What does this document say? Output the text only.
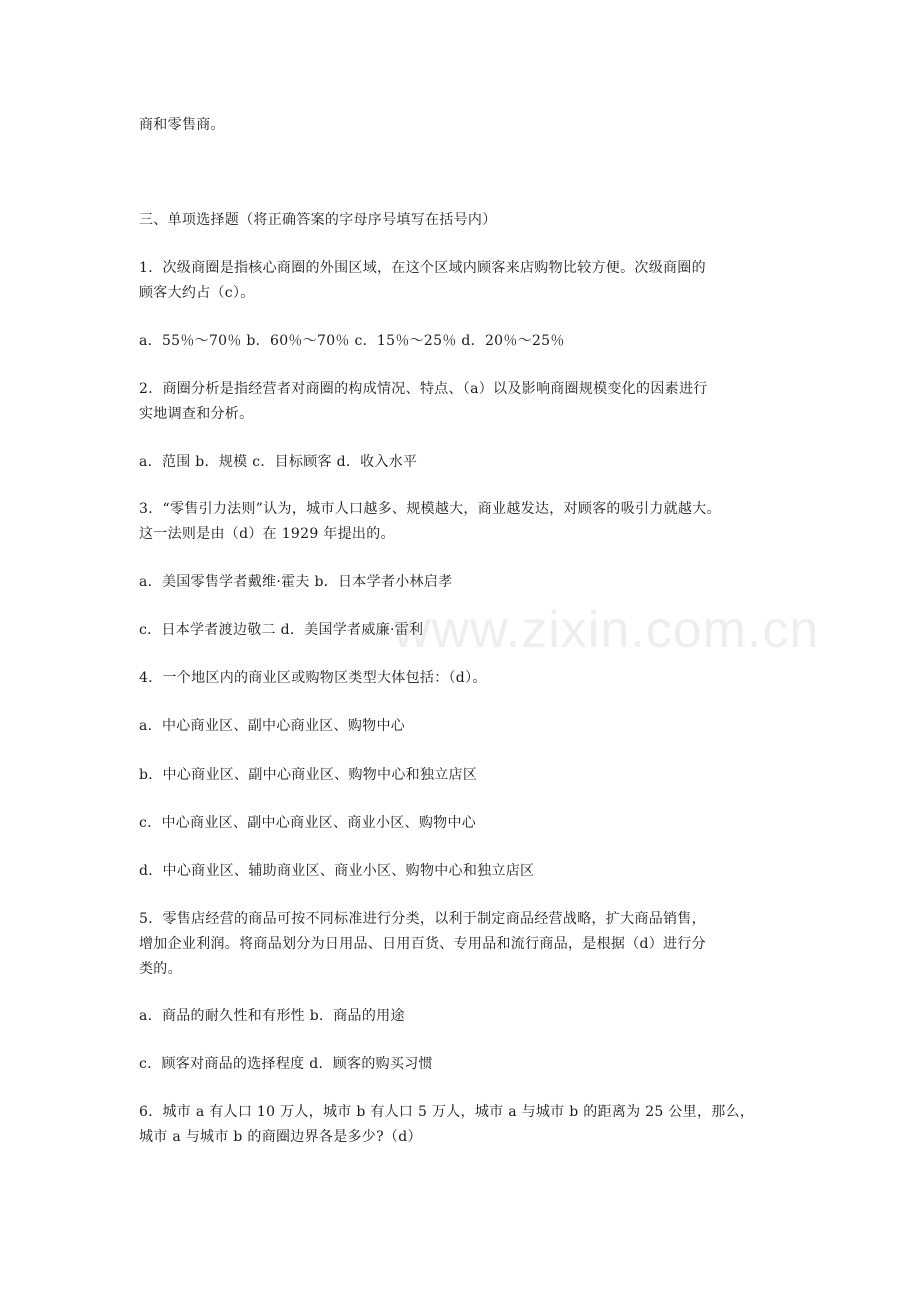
www.zixin.com.cn
商和零售商。
三、单项选择题（将正确答案的字母序号填写在括号内）
1．次级商圈是指核心商圈的外围区域，在这个区域内顾客来店购物比较方便。次级商圈的
顾客大约占（c）。
a．55％～70％ b．60％～70％ c．15％～25％ d．20％～25％
2．商圈分析是指经营者对商圈的构成情况、特点、（a）以及影响商圈规模变化的因素进行
实地调查和分析。
a．范围 b．规模 c．目标顾客 d．收入水平
3．“零售引力法则”认为，城市人口越多、规模越大，商业越发达，对顾客的吸引力就越大。
这一法则是由（d）在 1929 年提出的。
a．美国零售学者戴维·霍夫 b．日本学者小林启孝
c．日本学者渡边敬二 d．美国学者威廉·雷利
4．一个地区内的商业区或购物区类型大体包括：（d）。
a．中心商业区、副中心商业区、购物中心
b．中心商业区、副中心商业区、购物中心和独立店区
c．中心商业区、副中心商业区、商业小区、购物中心
d．中心商业区、辅助商业区、商业小区、购物中心和独立店区
5．零售店经营的商品可按不同标准进行分类，以利于制定商品经营战略，扩大商品销售，
增加企业利润。将商品划分为日用品、日用百货、专用品和流行商品，是根据（d）进行分
类的。
a．商品的耐久性和有形性 b．商品的用途
c．顾客对商品的选择程度 d．顾客的购买习惯
6．城市 a 有人口 10 万人，城市 b 有人口 5 万人，城市 a 与城市 b 的距离为 25 公里，那么，
城市 a 与城市 b 的商圈边界各是多少?（d）
